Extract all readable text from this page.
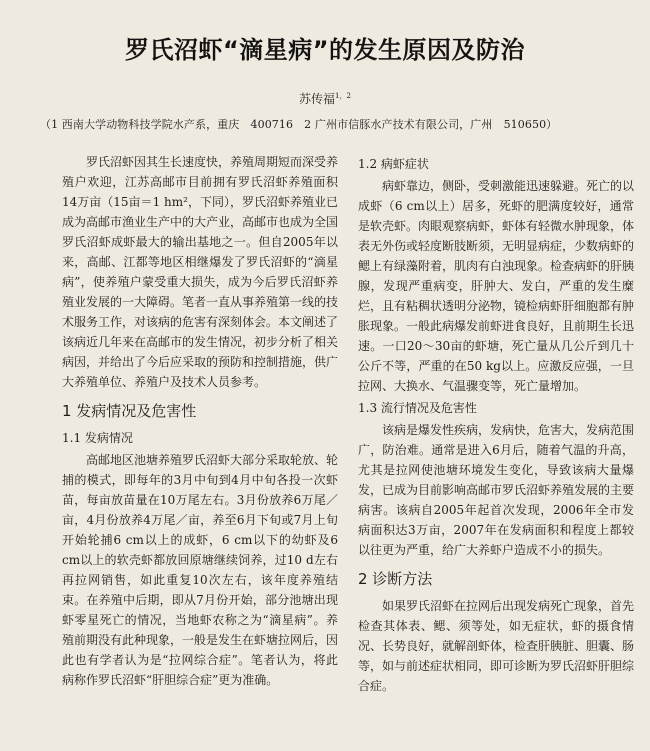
罗氏沼虾“滴星病”的发生原因及防治
苏传福$^{1,2}$
（1 西南大学动物科技学院水产系，重庆　400716　2 广州市信豚水产技术有限公司，广州　510650）

罗氏沼虾因其生长速度快，养殖周期短而深受养殖户欢迎，江苏高邮市目前拥有罗氏沼虾养殖面积14万亩（15亩＝1 hm²，下同），罗氏沼虾养殖业已成为高邮市渔业生产中的大产业，高邮市也成为全国罗氏沼虾成虾最大的输出基地之一。但自2005年以来，高邮、江都等地区相继爆发了罗氏沼虾的“滴星病”，使养殖户蒙受重大损失，成为今后罗氏沼虾养殖业发展的一大障碍。笔者一直从事养殖第一线的技术服务工作，对该病的危害有深刻体会。本文阐述了该病近几年来在高邮市的发生情况，初步分析了相关病因，并给出了今后应采取的预防和控制措施，供广大养殖单位、养殖户及技术人员参考。

1 发病情况及危害性
1.1 发病情况

高邮地区池塘养殖罗氏沼虾大部分采取轮放、轮捕的模式，即每年的3月中旬到4月中旬各投一次虾苗，每亩放苗量在10万尾左右。3月份放养6万尾／亩，4月份放养4万尾／亩，养至6月下旬或7月上旬开始轮捕6 cm以上的成虾，6 cm以下的幼虾及6 cm以上的软壳虾都放回原塘继续饲养，过10 d左右再拉网销售，如此重复10次左右，该年度养殖结束。在养殖中后期，即从7月份开始，部分池塘出现虾零星死亡的情况，当地虾农称之为“滴星病”。养殖前期没有此种现象，一般是发生在虾塘拉网后，因此也有学者认为是“拉网综合症”。笔者认为，将此病称作罗氏沼虾“肝胆综合症”更为准确。

1.2 病虾症状

病虾靠边，侧卧，受刺激能迅速躲避。死亡的以成虾（6 cm以上）居多，死虾的肥满度较好，通常是软壳虾。肉眼观察病虾，虾体有轻微水肿现象，体表无外伤或轻度断肢断须，无明显病症，少数病虾的鳃上有绿藻附着，肌肉有白浊现象。检查病虾的肝胰腺，发现严重病变，肝肿大、发白，严重的发生糜烂，且有粘稠状透明分泌物，镜检病虾肝细胞都有肿胀现象。一般此病爆发前虾进食良好，且前期生长迅速。一口20～30亩的虾塘，死亡量从几公斤到几十公斤不等，严重的在50 kg以上。应激反应强，一旦拉网、大换水、气温骤变等，死亡量增加。

1.3 流行情况及危害性

该病是爆发性疾病，发病快，危害大，发病范围广，防治难。通常是进入6月后，随着气温的升高，尤其是拉网使池塘环境发生变化，导致该病大量爆发，已成为目前影响高邮市罗氏沼虾养殖发展的主要病害。该病自2005年起首次发现，2006年全市发病面积达3万亩，2007年在发病面积和程度上都较以往更为严重，给广大养虾户造成不小的损失。

2 诊断方法

如果罗氏沼虾在拉网后出现发病死亡现象，首先检查其体表、鳃、须等处，如无症状，虾的摄食情况、长势良好，就解剖虾体，检查肝胰脏、胆囊、肠等，如与前述症状相同，即可诊断为罗氏沼虾肝胆综合症。
